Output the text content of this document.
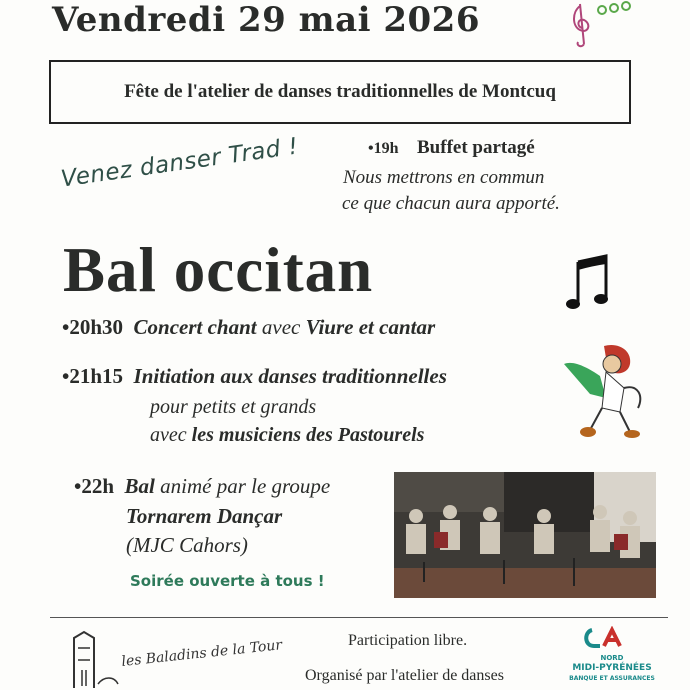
Vendredi 29 mai 2026
Fête de l'atelier de danses traditionnelles de Montcuq
Venez danser Trad !	•19h Buffet partagé
Nous mettrons en commun
ce que chacun aura apporté.
Bal occitan
•20h30 Concert chant avec Viure et cantar
•21h15 Initiation aux danses traditionnelles
pour petits et grands
avec les musiciens des Pastourels
•22h Bal animé par le groupe
Tornarem Dançar
(MJC Cahors)
Soirée ouverte à tous !
les Baladins de la Tour	Participation libre.
Organisé par l'atelier de danses
NORD
MIDI-PYRÉNÉES
BANQUE ET ASSURANCES
